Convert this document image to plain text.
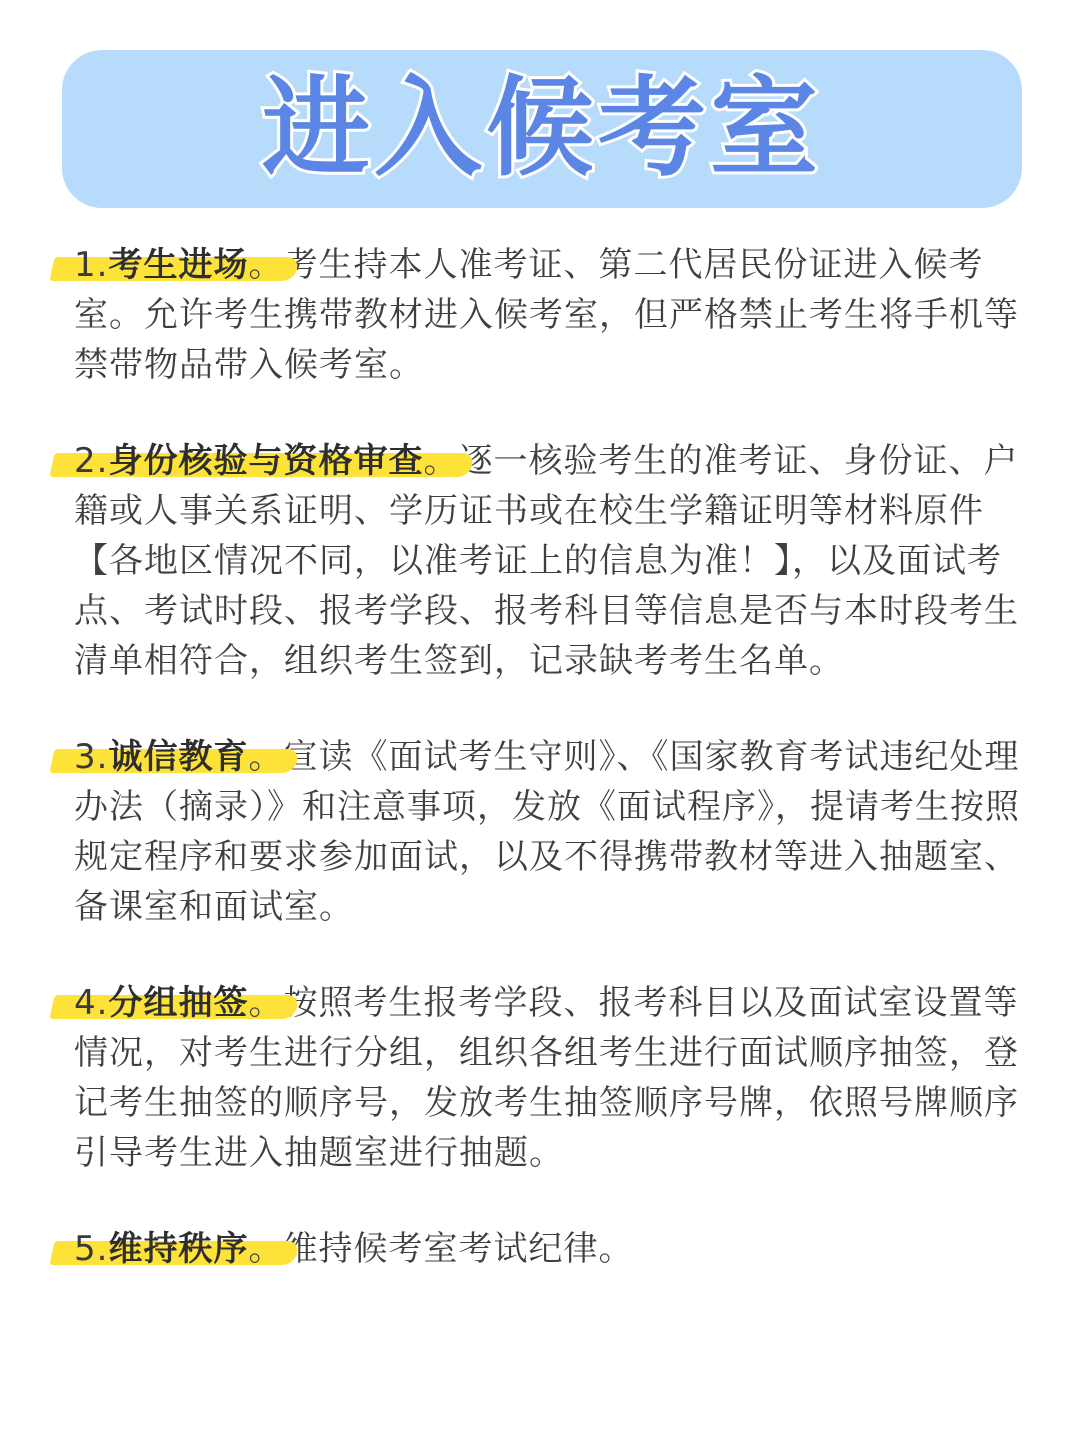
进入候考室
1.考生进场。考生持本人准考证、第二代居民份证进入候考室。允许考生携带教材进入候考室，但严格禁止考生将手机等禁带物品带入候考室。
2.身份核验与资格审查。逐一核验考生的准考证、身份证、户籍或人事关系证明、学历证书或在校生学籍证明等材料原件【各地区情况不同，以准考证上的信息为准！】，以及面试考点、考试时段、报考学段、报考科目等信息是否与本时段考生清单相符合，组织考生签到，记录缺考考生名单。
3.诚信教育。宣读《面试考生守则》、《国家教育考试违纪处理办法（摘录）》和注意事项，发放《面试程序》，提请考生按照规定程序和要求参加面试，以及不得携带教材等进入抽题室、备课室和面试室。
4.分组抽签。按照考生报考学段、报考科目以及面试室设置等情况，对考生进行分组，组织各组考生进行面试顺序抽签，登记考生抽签的顺序号，发放考生抽签顺序号牌，依照号牌顺序引导考生进入抽题室进行抽题。
5.维持秩序。维持候考室考试纪律。
